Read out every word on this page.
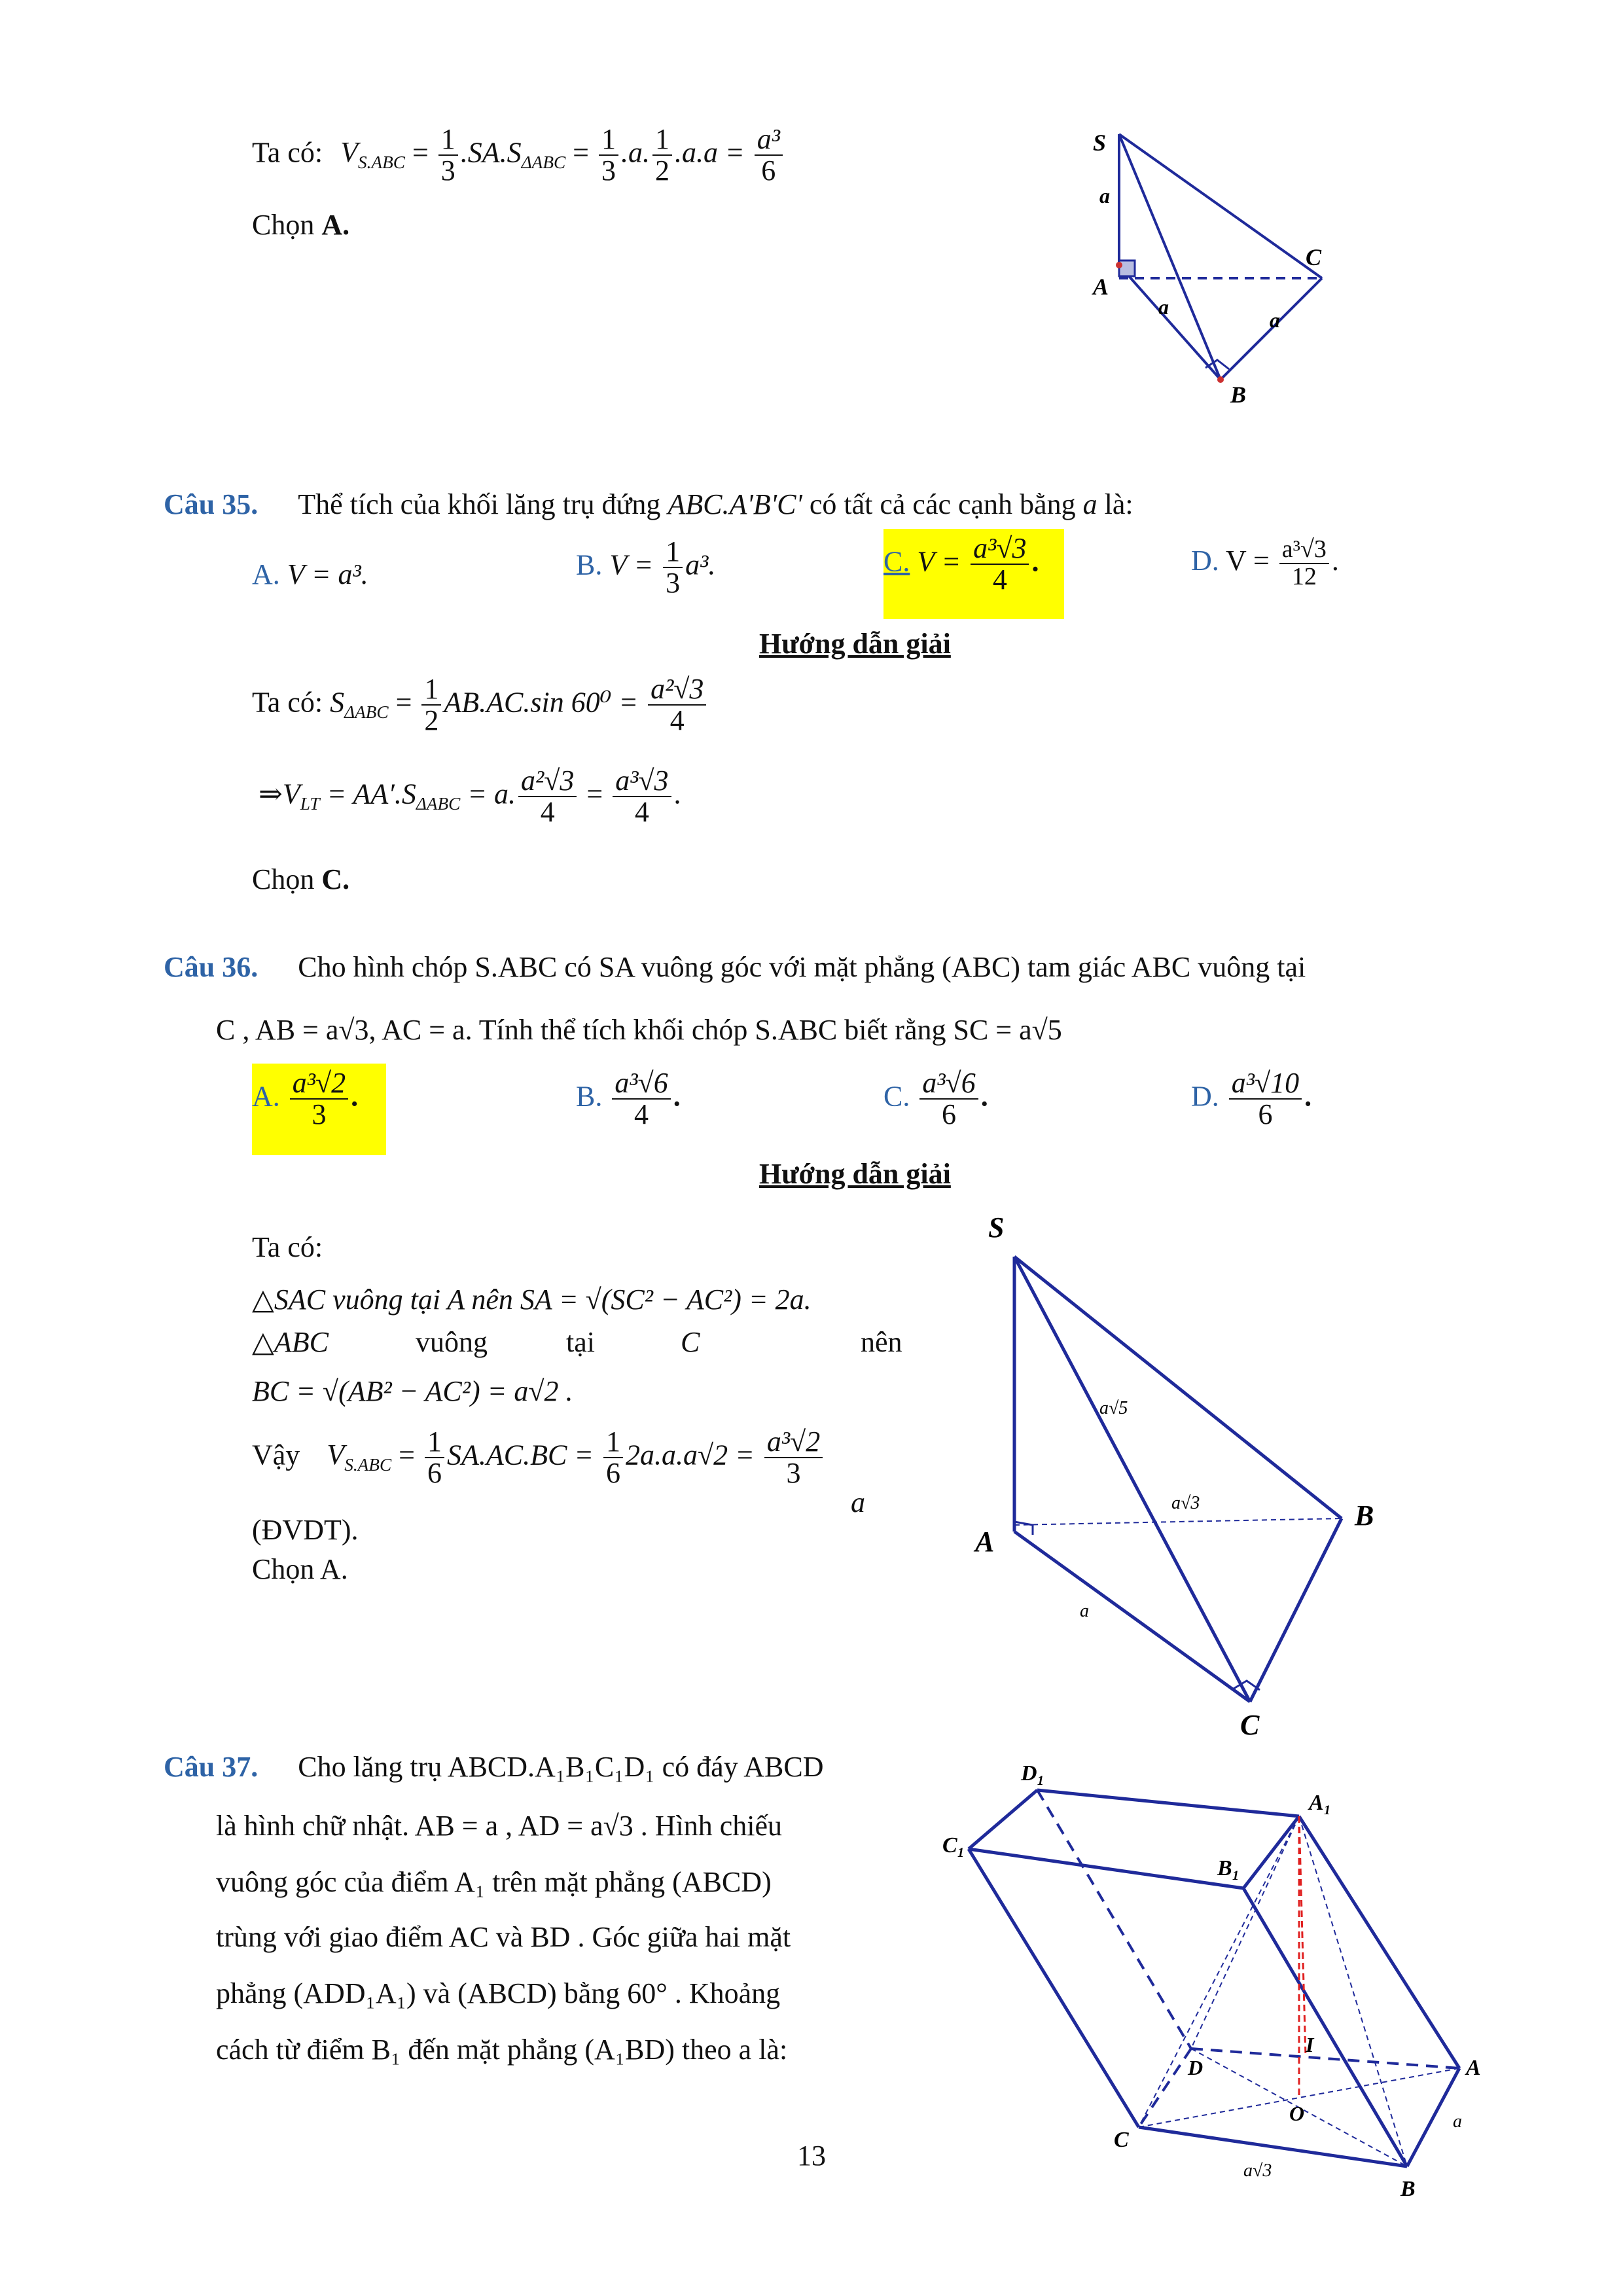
Ta có: $V_{S.ABC} = \frac{1}{3} .SA.S_{\Delta ABC} = \frac{1}{3} .a$. $\frac{1}{2} .a.a = \frac{\text{a³}}{6}$
Chọn A.
S
A
B
C
a
a
a
Câu 35. Thể tích của khối lăng trụ đứng ABC.A'B'C' có tất cả các cạnh bằng a là:
A. V = a³.	B. $V = \frac{1}{3} a^3$.	C. $V = \frac{\text{a³√3}}{4}$ .	D. $V = \frac{\text{a³√3}}{12}$ .
Hướng dẫn giải
Ta có: $S_{\Delta ABC} = \frac{1}{2} AB.AC.\sin$ $60^0 = \frac{\text{a²√3}}{4}$
$\Rightarrow V_{LT} = AA'.S_{\Delta ABC} = a$. $\frac{\text{a²√3}}{4} = \frac{\text{a³√3}}{4}$ .
Chọn C.
Câu 36. Cho hình chóp S.ABC có SA vuông góc với mặt phẳng (ABC) tam giác ABC vuông tại
C , AB = a√3, AC = a. Tính thể tích khối chóp S.ABC biết rằng SC = a√5
A. $\frac{\text{a³√2}}{3}$ .	B. $\frac{\text{a³√6}}{4}$ .	C. $\frac{\text{a³√6}}{6}$ .	D. $\frac{\text{a³√10}}{6}$ .
Hướng dẫn giải
Ta có:
△SAC vuông tại A nên SA = √(SC² − AC²) = 2a.
△ABC	vuông	tại	C	nên
BC = √(AB² − AC²) = a√2 .
Vậy $V_{S.ABC} = \frac{1}{6} SA.AC.BC = \frac{1}{6} 2a.a.a√2 = \frac{\text{a³√2}}{3}$
a
(ĐVDT).
Chọn A.
S
A
B
C
a√5
a√3
a
Câu 37. Cho lăng trụ ABCD.A₁B₁C₁D₁ có đáy ABCD
là hình chữ nhật. AB = a , AD = a√3 . Hình chiếu
vuông góc của điểm A₁ trên mặt phẳng (ABCD)
trùng với giao điểm AC và BD . Góc giữa hai mặt
phẳng (ADD₁A₁) và (ABCD) bằng 60° . Khoảng
cách từ điểm B₁ đến mặt phẳng (A₁BD) theo a là:
D₁
A₁
C₁
B₁
D
I
A
O
C
B
a
a√3
13
